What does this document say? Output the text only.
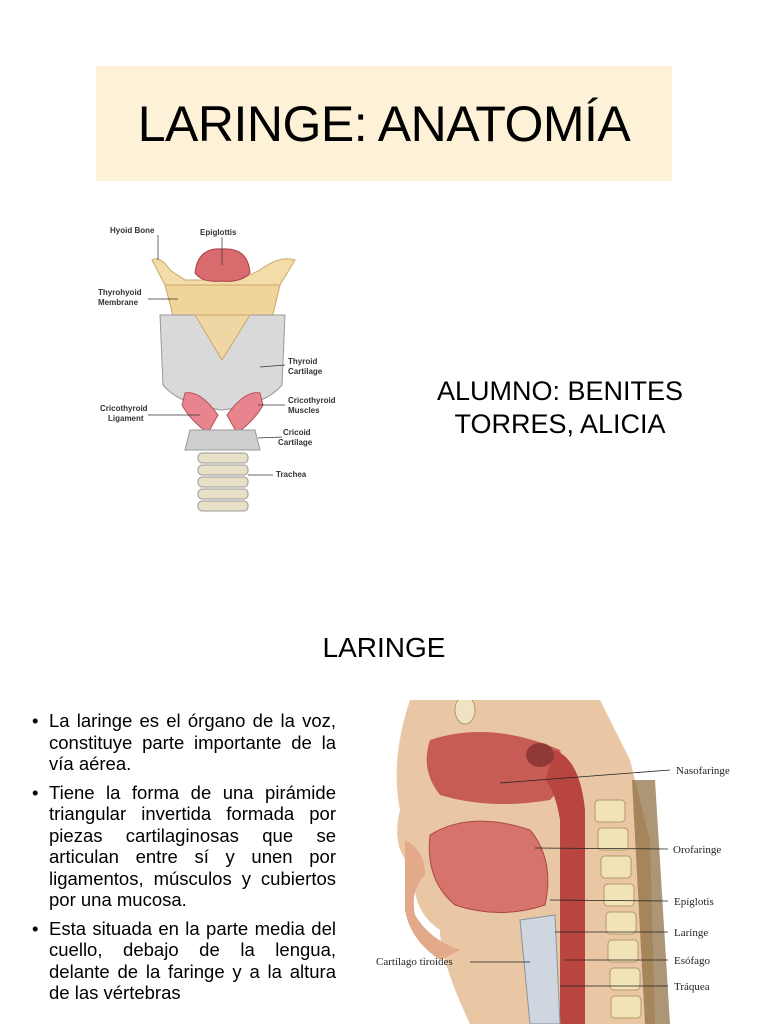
LARINGE: ANATOMÍA
Hyoid Bone	Epiglottis
Thyrohyoid
Membrane
Thyroid
Cartilage
Cricothyroid
Muscles
Cricothyroid
Ligament
Cricoid
Cartilage
Trachea
ALUMNO: BENITES
TORRES, ALICIA
LARINGE
• La laringe es el órgano de la voz, constituye parte importante de la vía aérea.
• Tiene la forma de una pirámide triangular invertida formada por piezas cartilaginosas que se articulan entre sí y unen por ligamentos, músculos y cubiertos por una mucosa.
• Esta situada en la parte media del cuello, debajo de la lengua, delante de la faringe y a la altura de las vértebras
Nasofaringe
Orofaringe
Epíglotis
Laringe
Esófago
Tráquea
Cartílago tiroides
